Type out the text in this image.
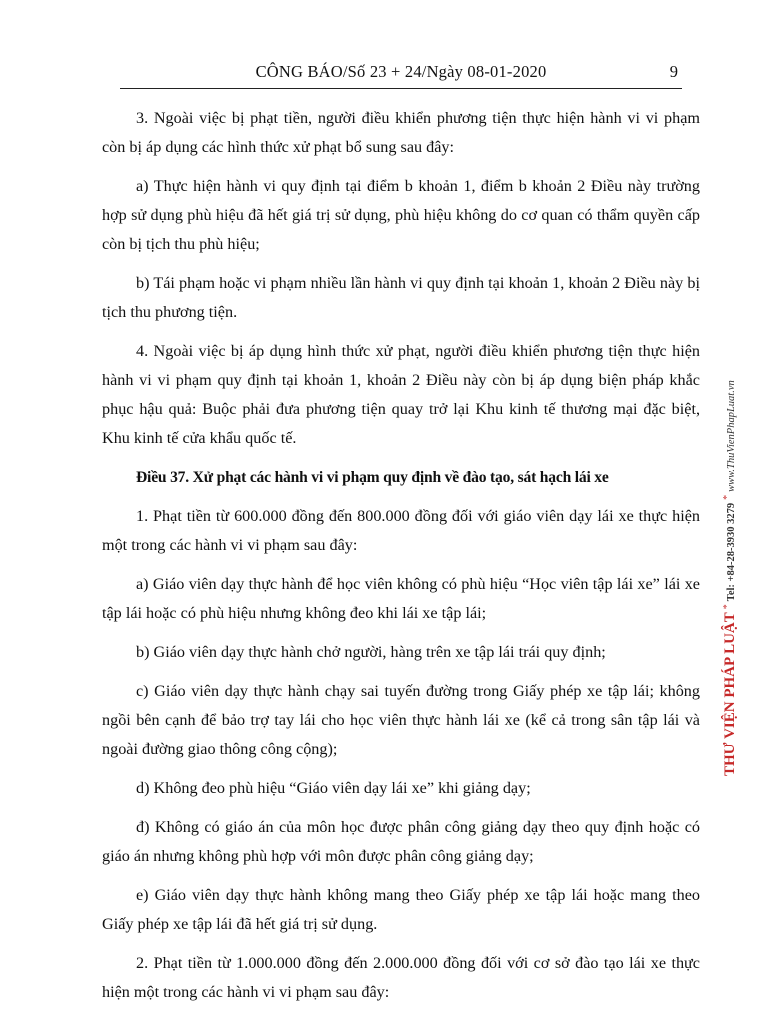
CÔNG BÁO/Số 23 + 24/Ngày 08-01-2020	9

3. Ngoài việc bị phạt tiền, người điều khiển phương tiện thực hiện hành vi vi phạm còn bị áp dụng các hình thức xử phạt bổ sung sau đây:

a) Thực hiện hành vi quy định tại điểm b khoản 1, điểm b khoản 2 Điều này trường hợp sử dụng phù hiệu đã hết giá trị sử dụng, phù hiệu không do cơ quan có thẩm quyền cấp còn bị tịch thu phù hiệu;

b) Tái phạm hoặc vi phạm nhiều lần hành vi quy định tại khoản 1, khoản 2 Điều này bị tịch thu phương tiện.

4. Ngoài việc bị áp dụng hình thức xử phạt, người điều khiển phương tiện thực hiện hành vi vi phạm quy định tại khoản 1, khoản 2 Điều này còn bị áp dụng biện pháp khắc phục hậu quả: Buộc phải đưa phương tiện quay trở lại Khu kinh tế thương mại đặc biệt, Khu kinh tế cửa khẩu quốc tế.

Điều 37. Xử phạt các hành vi vi phạm quy định về đào tạo, sát hạch lái xe

1. Phạt tiền từ 600.000 đồng đến 800.000 đồng đối với giáo viên dạy lái xe thực hiện một trong các hành vi vi phạm sau đây:

a) Giáo viên dạy thực hành để học viên không có phù hiệu “Học viên tập lái xe” lái xe tập lái hoặc có phù hiệu nhưng không đeo khi lái xe tập lái;

b) Giáo viên dạy thực hành chở người, hàng trên xe tập lái trái quy định;

c) Giáo viên dạy thực hành chạy sai tuyến đường trong Giấy phép xe tập lái; không ngồi bên cạnh để bảo trợ tay lái cho học viên thực hành lái xe (kể cả trong sân tập lái và ngoài đường giao thông công cộng);

d) Không đeo phù hiệu “Giáo viên dạy lái xe” khi giảng dạy;

đ) Không có giáo án của môn học được phân công giảng dạy theo quy định hoặc có giáo án nhưng không phù hợp với môn được phân công giảng dạy;

e) Giáo viên dạy thực hành không mang theo Giấy phép xe tập lái hoặc mang theo Giấy phép xe tập lái đã hết giá trị sử dụng.

2. Phạt tiền từ 1.000.000 đồng đến 2.000.000 đồng đối với cơ sở đào tạo lái xe thực hiện một trong các hành vi vi phạm sau đây:

THƯ VIỆN PHÁP LUẬT*Tel: +84-28-3930 3279*www.ThuVienPhapLuat.vn
